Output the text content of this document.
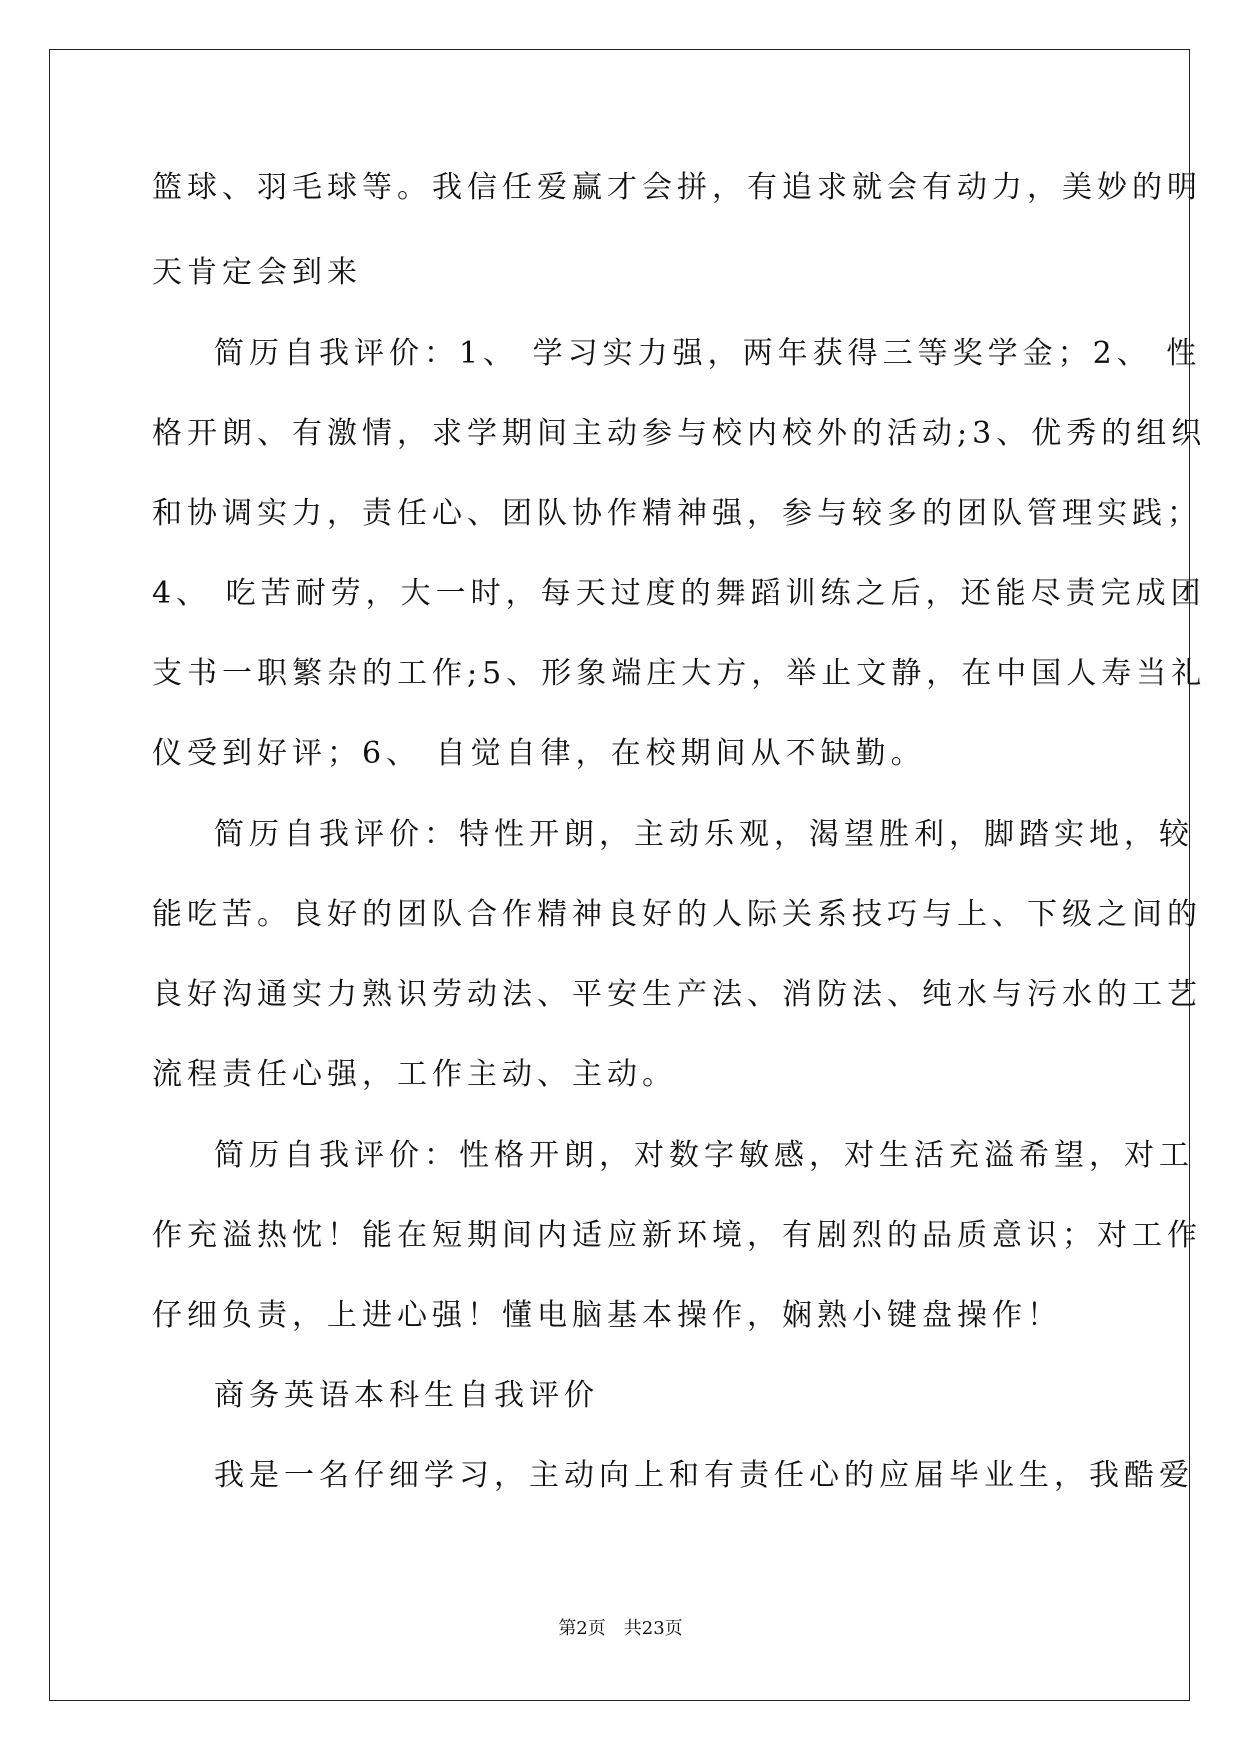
篮球、羽毛球等。我信任爱赢才会拼，有追求就会有动力，美妙的明
天肯定会到来
简历自我评价：1、 学习实力强，两年获得三等奖学金；2、 性
格开朗、有激情，求学期间主动参与校内校外的活动;3、优秀的组织
和协调实力，责任心、团队协作精神强，参与较多的团队管理实践；
4、 吃苦耐劳，大一时，每天过度的舞蹈训练之后，还能尽责完成团
支书一职繁杂的工作;5、形象端庄大方，举止文静，在中国人寿当礼
仪受到好评；6、 自觉自律，在校期间从不缺勤。
简历自我评价：特性开朗，主动乐观，渴望胜利，脚踏实地，较
能吃苦。良好的团队合作精神良好的人际关系技巧与上、下级之间的
良好沟通实力熟识劳动法、平安生产法、消防法、纯水与污水的工艺
流程责任心强，工作主动、主动。
简历自我评价：性格开朗，对数字敏感，对生活充溢希望，对工
作充溢热忱！能在短期间内适应新环境，有剧烈的品质意识；对工作
仔细负责，上进心强！懂电脑基本操作，娴熟小键盘操作！
商务英语本科生自我评价
我是一名仔细学习，主动向上和有责任心的应届毕业生，我酷爱
第2页　共23页
